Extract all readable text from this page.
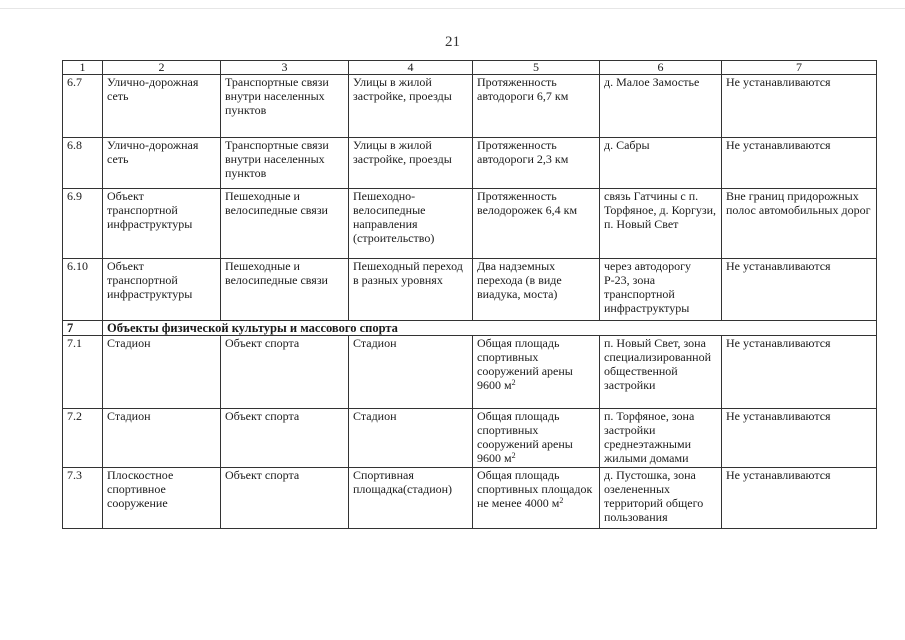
21
1	2	3	4	5	6	7
6.7	Улично-дорожная сеть	Транспортные связи внутри населенных пунктов	Улицы в жилой застройке, проезды	Протяженность автодороги 6,7 км	д. Малое Замостье	Не устанавливаются
6.8	Улично-дорожная сеть	Транспортные связи внутри населенных пунктов	Улицы в жилой застройке, проезды	Протяженность автодороги 2,3 км	д. Сабры	Не устанавливаются
6.9	Объект транспортной инфраструктуры	Пешеходные и велосипедные связи	Пешеходно-велосипедные направления (строительство)	Протяженность велодорожек 6,4 км	связь Гатчины с п. Торфяное, д. Коргузи, п. Новый Свет	Вне границ придорожных полос автомобильных дорог
6.10	Объект транспортной инфраструктуры	Пешеходные и велосипедные связи	Пешеходный переход в разных уровнях	Два надземных перехода (в виде виадука, моста)	через автодорогу Р-23, зона транспортной инфраструктуры	Не устанавливаются
7	Объекты физической культуры и массового спорта					
7.1	Стадион	Объект спорта	Стадион	Общая площадь спортивных сооружений арены 9600 $м^2$	п. Новый Свет, зона специализированной общественной застройки	Не устанавливаются
7.2	Стадион	Объект спорта	Стадион	Общая площадь спортивных сооружений арены 9600 $м^2$	п. Торфяное, зона застройки среднеэтажными жилыми домами	Не устанавливаются
7.3	Плоскостное спортивное сооружение	Объект спорта	Спортивная площадка(стадион)	Общая площадь спортивных площадок не менее 4000 $м^2$	д. Пустошка, зона озелененных территорий общего пользования	Не устанавливаются
